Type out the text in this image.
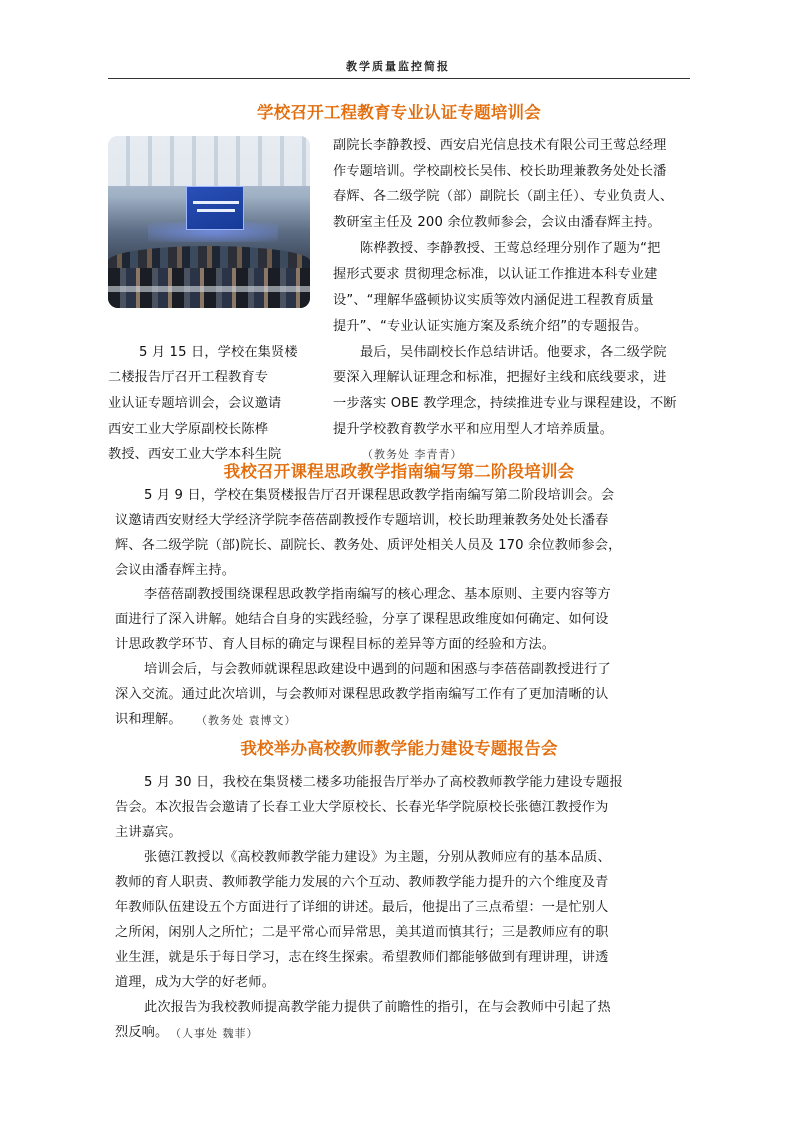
教学质量监控简报
学校召开工程教育专业认证专题培训会
副院长李静教授、西安启光信息技术有限公司王莺总经理
作专题培训。学校副校长吴伟、校长助理兼教务处处长潘
春辉、各二级学院（部）副院长（副主任）、专业负责人、
教研室主任及 200 余位教师参会，会议由潘春辉主持。
陈桦教授、李静教授、王莺总经理分别作了题为“把
握形式要求 贯彻理念标准，以认证工作推进本科专业建
设”、“理解华盛顿协议实质等效内涵促进工程教育质量
提升”、“专业认证实施方案及系统介绍”的专题报告。
最后，吴伟副校长作总结讲话。他要求，各二级学院
要深入理解认证理念和标准，把握好主线和底线要求，进
一步落实 OBE 教学理念，持续推进专业与课程建设，不断
提升学校教育教学水平和应用型人才培养质量。
（教务处 李青青）
5 月 15 日，学校在集贤楼
二楼报告厅召开工程教育专
业认证专题培训会，会议邀请
西安工业大学原副校长陈桦
教授、西安工业大学本科生院
我校召开课程思政教学指南编写第二阶段培训会
5 月 9 日，学校在集贤楼报告厅召开课程思政教学指南编写第二阶段培训会。会
议邀请西安财经大学经济学院李蓓蓓副教授作专题培训，校长助理兼教务处处长潘春
辉、各二级学院（部)院长、副院长、教务处、质评处相关人员及 170 余位教师参会，
会议由潘春辉主持。
李蓓蓓副教授围绕课程思政教学指南编写的核心理念、基本原则、主要内容等方
面进行了深入讲解。她结合自身的实践经验，分享了课程思政维度如何确定、如何设
计思政教学环节、育人目标的确定与课程目标的差异等方面的经验和方法。
培训会后，与会教师就课程思政建设中遇到的问题和困惑与李蓓蓓副教授进行了
深入交流。通过此次培训，与会教师对课程思政教学指南编写工作有了更加清晰的认
识和理解。 （教务处 袁博文）
我校举办高校教师教学能力建设专题报告会
5 月 30 日，我校在集贤楼二楼多功能报告厅举办了高校教师教学能力建设专题报
告会。本次报告会邀请了长春工业大学原校长、长春光华学院原校长张德江教授作为
主讲嘉宾。
张德江教授以《高校教师教学能力建设》为主题，分别从教师应有的基本品质、
教师的育人职责、教师教学能力发展的六个互动、教师教学能力提升的六个维度及青
年教师队伍建设五个方面进行了详细的讲述。最后，他提出了三点希望：一是忙别人
之所闲，闲别人之所忙；二是平常心而异常思，美其道而慎其行；三是教师应有的职
业生涯，就是乐于每日学习，志在终生探索。希望教师们都能够做到有理讲理，讲透
道理，成为大学的好老师。
此次报告为我校教师提高教学能力提供了前瞻性的指引，在与会教师中引起了热
烈反响。 （人事处 魏菲）
